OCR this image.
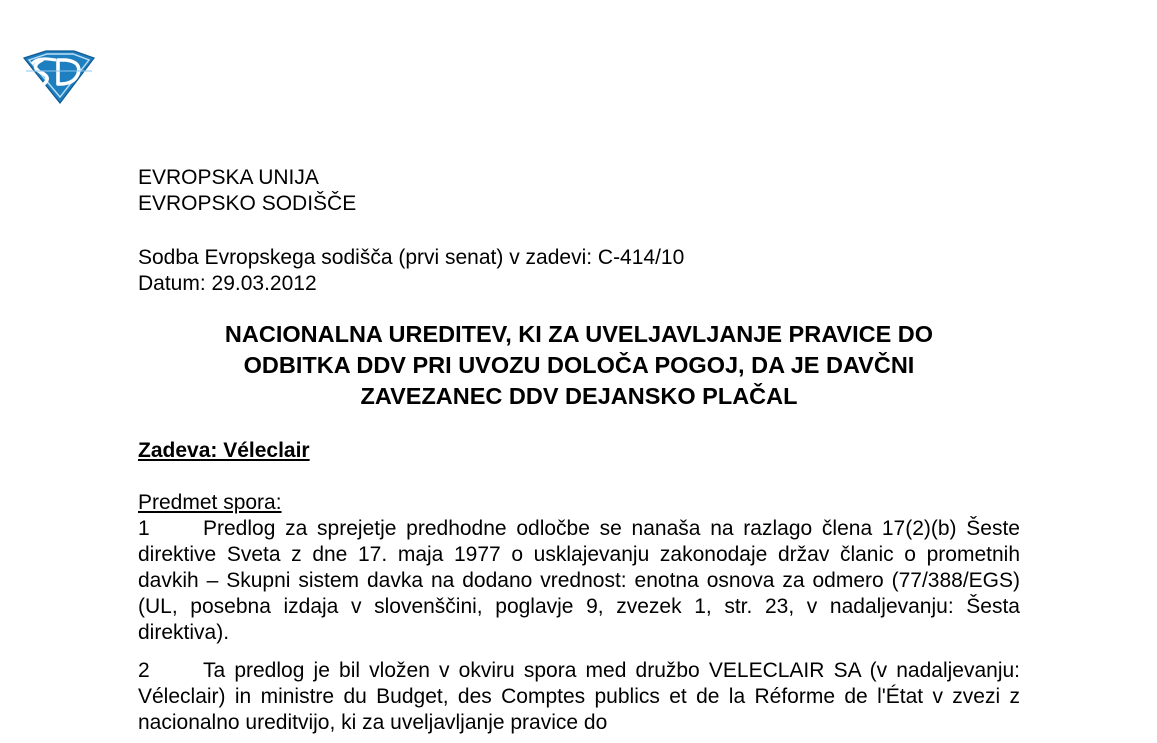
EVROPSKA UNIJA
EVROPSKO SODIŠČE
Sodba Evropskega sodišča (prvi senat) v zadevi: C-414/10
Datum: 29.03.2012
NACIONALNA UREDITEV, KI ZA UVELJAVLJANJE PRAVICE DO
ODBITKA DDV PRI UVOZU DOLOČA POGOJ, DA JE DAVČNI
ZAVEZANEC DDV DEJANSKO PLAČAL
Zadeva: Véleclair
Predmet spora:
1	Predlog za sprejetje predhodne odločbe se nanaša na razlago člena 17(2)(b) Šeste direktive Sveta z dne 17. maja 1977 o usklajevanju zakonodaje držav članic o prometnih davkih – Skupni sistem davka na dodano vrednost: enotna osnova za odmero (77/388/EGS) (UL, posebna izdaja v slovenščini, poglavje 9, zvezek 1, str. 23, v nadaljevanju: Šesta direktiva).
2	Ta predlog je bil vložen v okviru spora med družbo VELECLAIR SA (v nadaljevanju: Véleclair) in ministre du Budget, des Comptes publics et de la Réforme de l'État v zvezi z nacionalno ureditvijo, ki za uveljavljanje pravice do
